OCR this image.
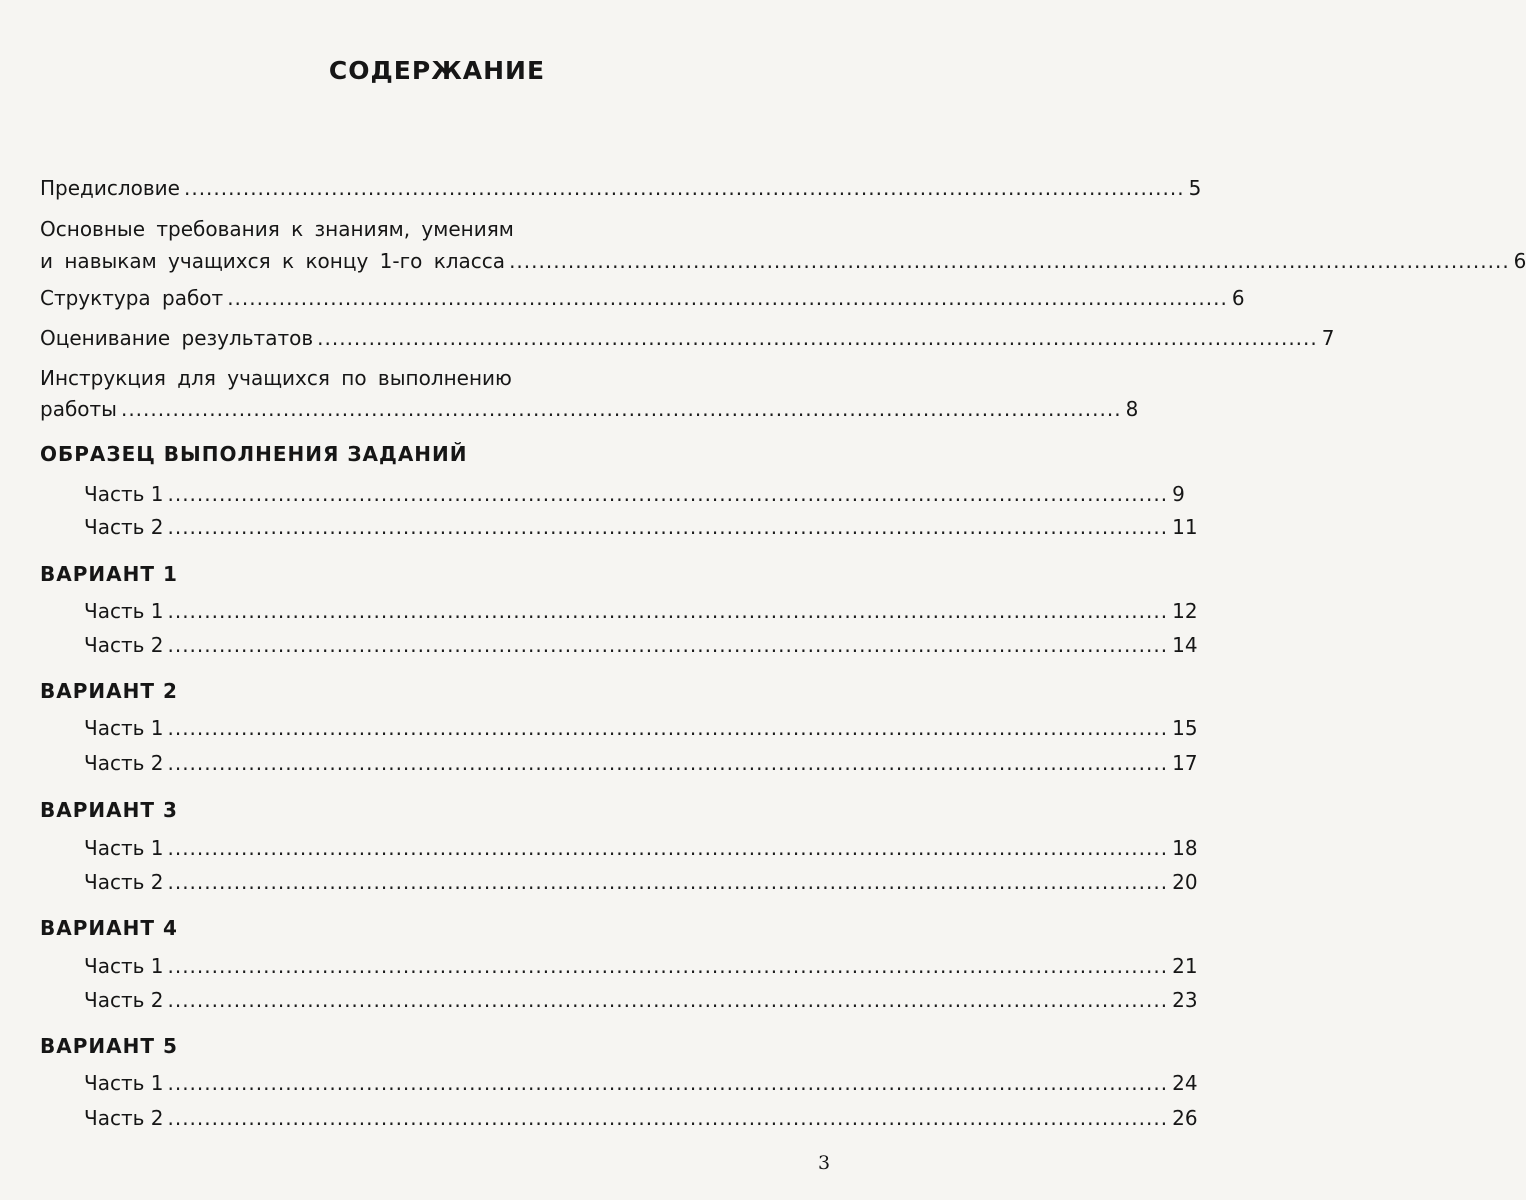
СОДЕРЖАНИЕ
Предисловие ........................................................................................................................................ 5
Основные требования к знаниям, умениям
и навыкам учащихся к концу 1-го класса ........................................................................................................................................ 6
Структура работ ........................................................................................................................................ 6
Оценивание результатов ........................................................................................................................................ 7
Инструкция для учащихся по выполнению
работы ........................................................................................................................................ 8
ОБРАЗЕЦ ВЫПОЛНЕНИЯ ЗАДАНИЙ
Часть 1 ........................................................................................................................................ 9
Часть 2 ........................................................................................................................................ 11
ВАРИАНТ 1
Часть 1 ........................................................................................................................................ 12
Часть 2 ........................................................................................................................................ 14
ВАРИАНТ 2
Часть 1 ........................................................................................................................................ 15
Часть 2 ........................................................................................................................................ 17
ВАРИАНТ 3
Часть 1 ........................................................................................................................................ 18
Часть 2 ........................................................................................................................................ 20
ВАРИАНТ 4
Часть 1 ........................................................................................................................................ 21
Часть 2 ........................................................................................................................................ 23
ВАРИАНТ 5
Часть 1 ........................................................................................................................................ 24
Часть 2 ........................................................................................................................................ 26
3
